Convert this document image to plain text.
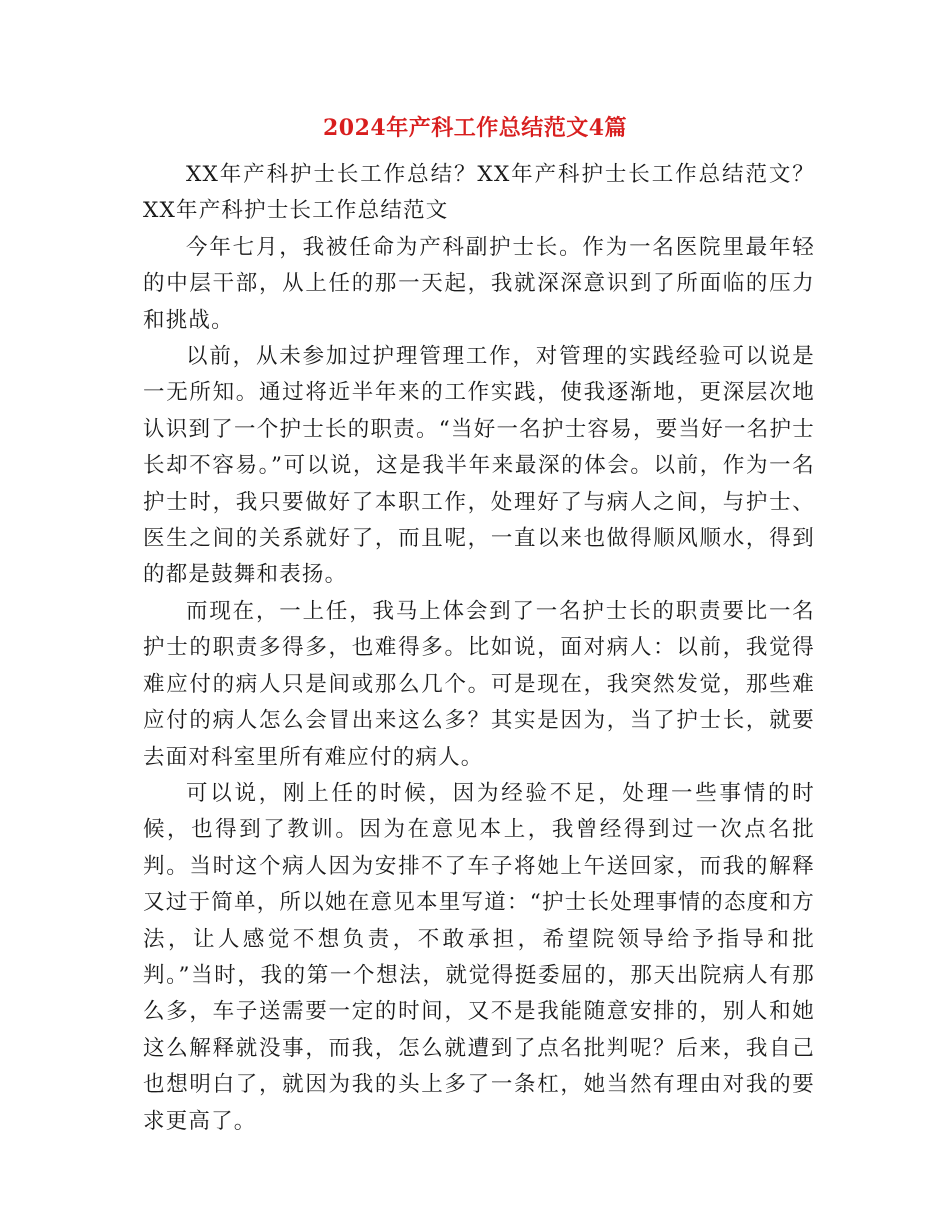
2024年产科工作总结范文4篇

XX年产科护士长工作总结？XX年产科护士长工作总结范文？XX年产科护士长工作总结范文

今年七月，我被任命为产科副护士长。作为一名医院里最年轻的中层干部，从上任的那一天起，我就深深意识到了所面临的压力和挑战。

以前，从未参加过护理管理工作，对管理的实践经验可以说是一无所知。通过将近半年来的工作实践，使我逐渐地，更深层次地认识到了一个护士长的职责。“当好一名护士容易，要当好一名护士长却不容易。”可以说，这是我半年来最深的体会。以前，作为一名护士时，我只要做好了本职工作，处理好了与病人之间，与护士、医生之间的关系就好了，而且呢，一直以来也做得顺风顺水，得到的都是鼓舞和表扬。

而现在，一上任，我马上体会到了一名护士长的职责要比一名护士的职责多得多，也难得多。比如说，面对病人：以前，我觉得难应付的病人只是间或那么几个。可是现在，我突然发觉，那些难应付的病人怎么会冒出来这么多？其实是因为，当了护士长，就要去面对科室里所有难应付的病人。

可以说，刚上任的时候，因为经验不足，处理一些事情的时候，也得到了教训。因为在意见本上，我曾经得到过一次点名批判。当时这个病人因为安排不了车子将她上午送回家，而我的解释又过于简单，所以她在意见本里写道：“护士长处理事情的态度和方法，让人感觉不想负责，不敢承担，希望院领导给予指导和批判。”当时，我的第一个想法，就觉得挺委屈的，那天出院病人有那么多，车子送需要一定的时间，又不是我能随意安排的，别人和她这么解释就没事，而我，怎么就遭到了点名批判呢？后来，我自己也想明白了，就因为我的头上多了一条杠，她当然有理由对我的要求更高了。
